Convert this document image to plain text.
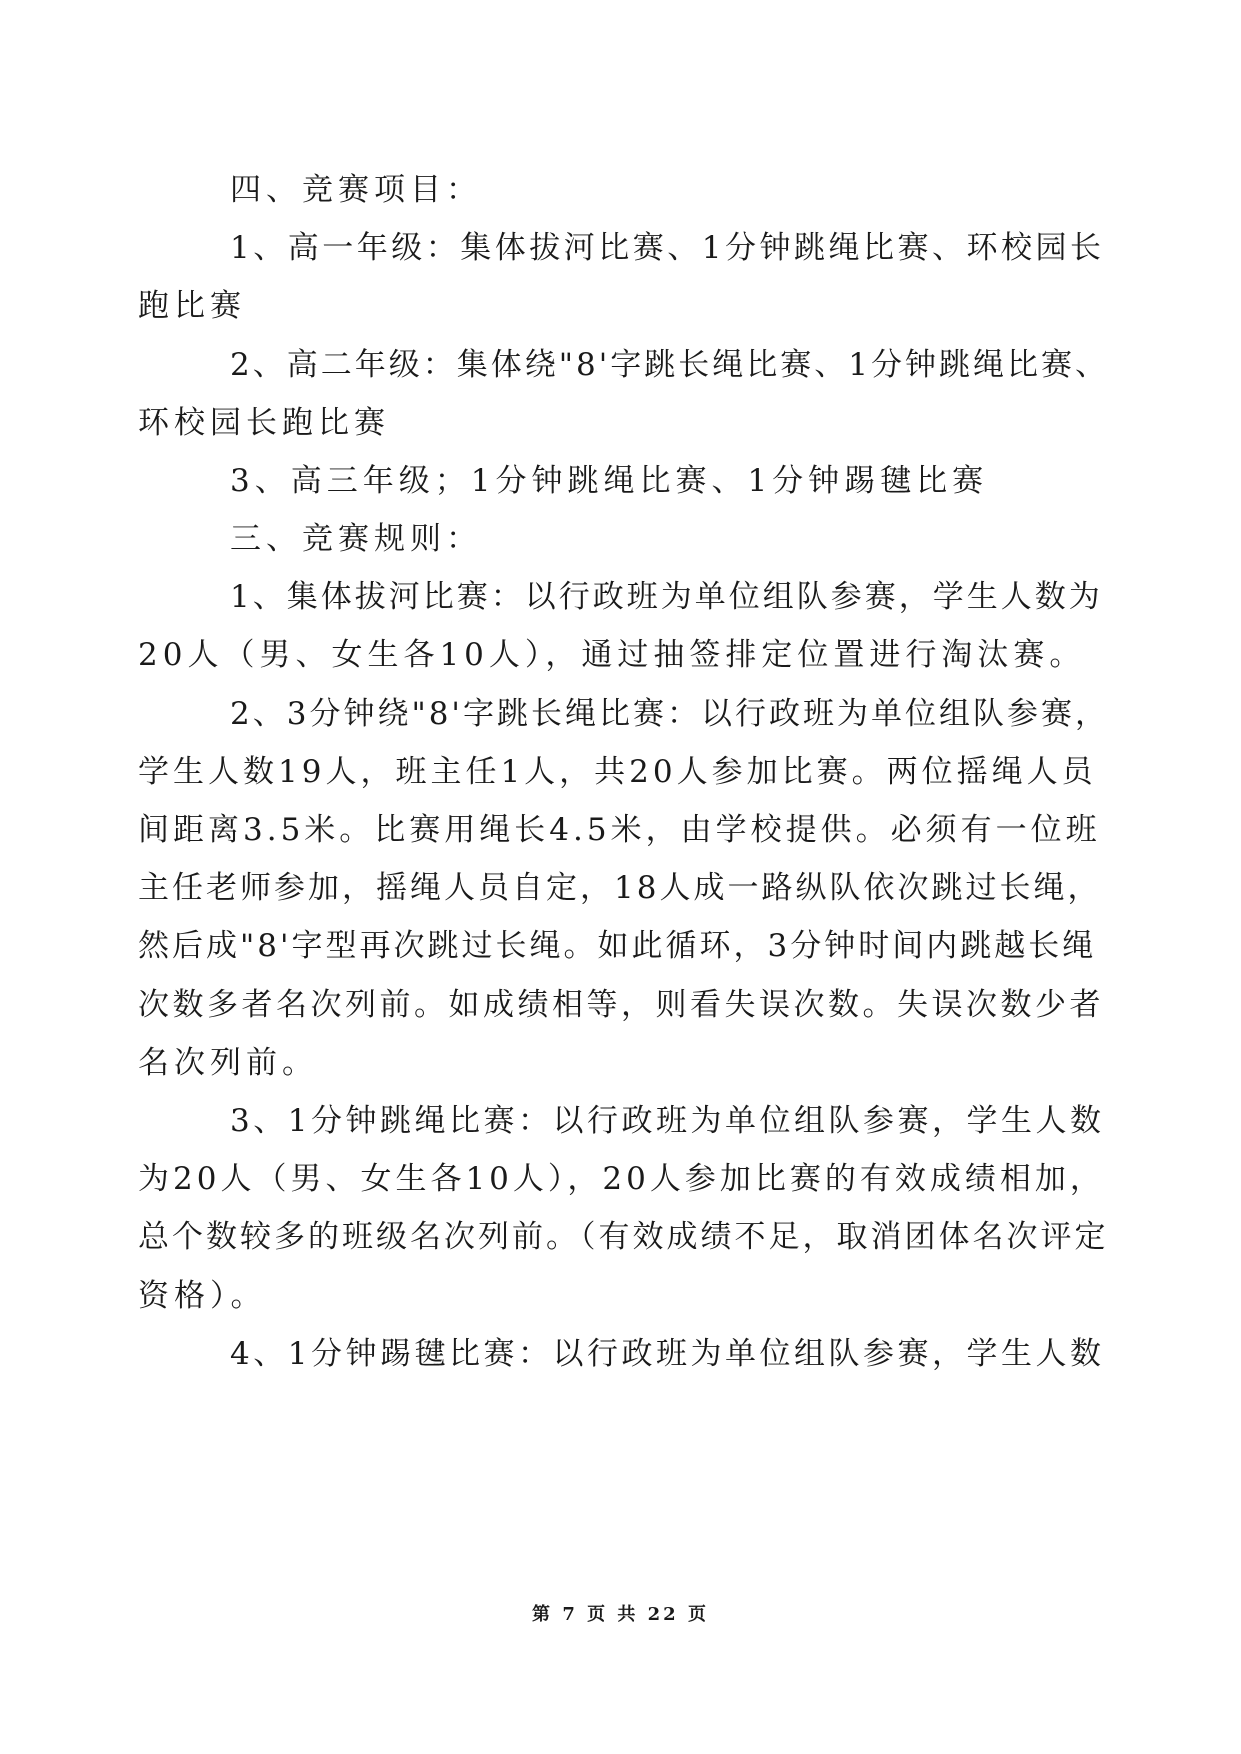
四、竞赛项目：
1、高一年级：集体拔河比赛、1分钟跳绳比赛、环校园长
跑比赛
2、高二年级：集体绕"8'字跳长绳比赛、1分钟跳绳比赛、
环校园长跑比赛
3、高三年级；1分钟跳绳比赛、1分钟踢毽比赛
三、竞赛规则：
1、集体拔河比赛：以行政班为单位组队参赛，学生人数为
20人（男、女生各10人），通过抽签排定位置进行淘汰赛。
2、3分钟绕"8'字跳长绳比赛：以行政班为单位组队参赛，
学生人数19人，班主任1人，共20人参加比赛。两位摇绳人员
间距离3.5米。比赛用绳长4.5米，由学校提供。必须有一位班
主任老师参加，摇绳人员自定，18人成一路纵队依次跳过长绳，
然后成"8'字型再次跳过长绳。如此循环，3分钟时间内跳越长绳
次数多者名次列前。如成绩相等，则看失误次数。失误次数少者
名次列前。
3、1分钟跳绳比赛：以行政班为单位组队参赛，学生人数
为20人（男、女生各10人），20人参加比赛的有效成绩相加，
总个数较多的班级名次列前。（有效成绩不足，取消团体名次评定
资格）。
4、1分钟踢毽比赛：以行政班为单位组队参赛，学生人数
第 7 页 共 22 页
